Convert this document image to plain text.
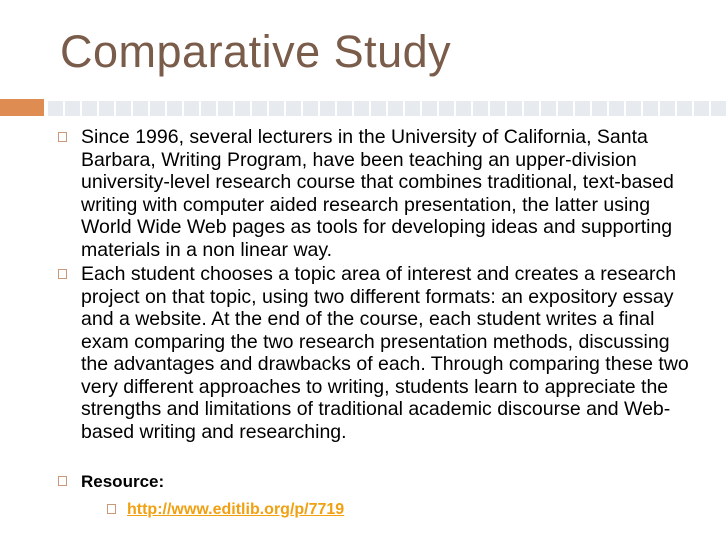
Comparative Study
Since 1996, several lecturers in the University of California, Santa Barbara, Writing Program, have been teaching an upper-division university-level research course that combines traditional, text-based writing with computer aided research presentation, the latter using World Wide Web pages as tools for developing ideas and supporting materials in a non linear way.
Each student chooses a topic area of interest and creates a research project on that topic, using two different formats: an expository essay and a website. At the end of the course, each student writes a final exam comparing the two research presentation methods, discussing the advantages and drawbacks of each. Through comparing these two very different approaches to writing, students learn to appreciate the strengths and limitations of traditional academic discourse and Web-based writing and researching.
Resource:
http://www.editlib.org/p/7719
